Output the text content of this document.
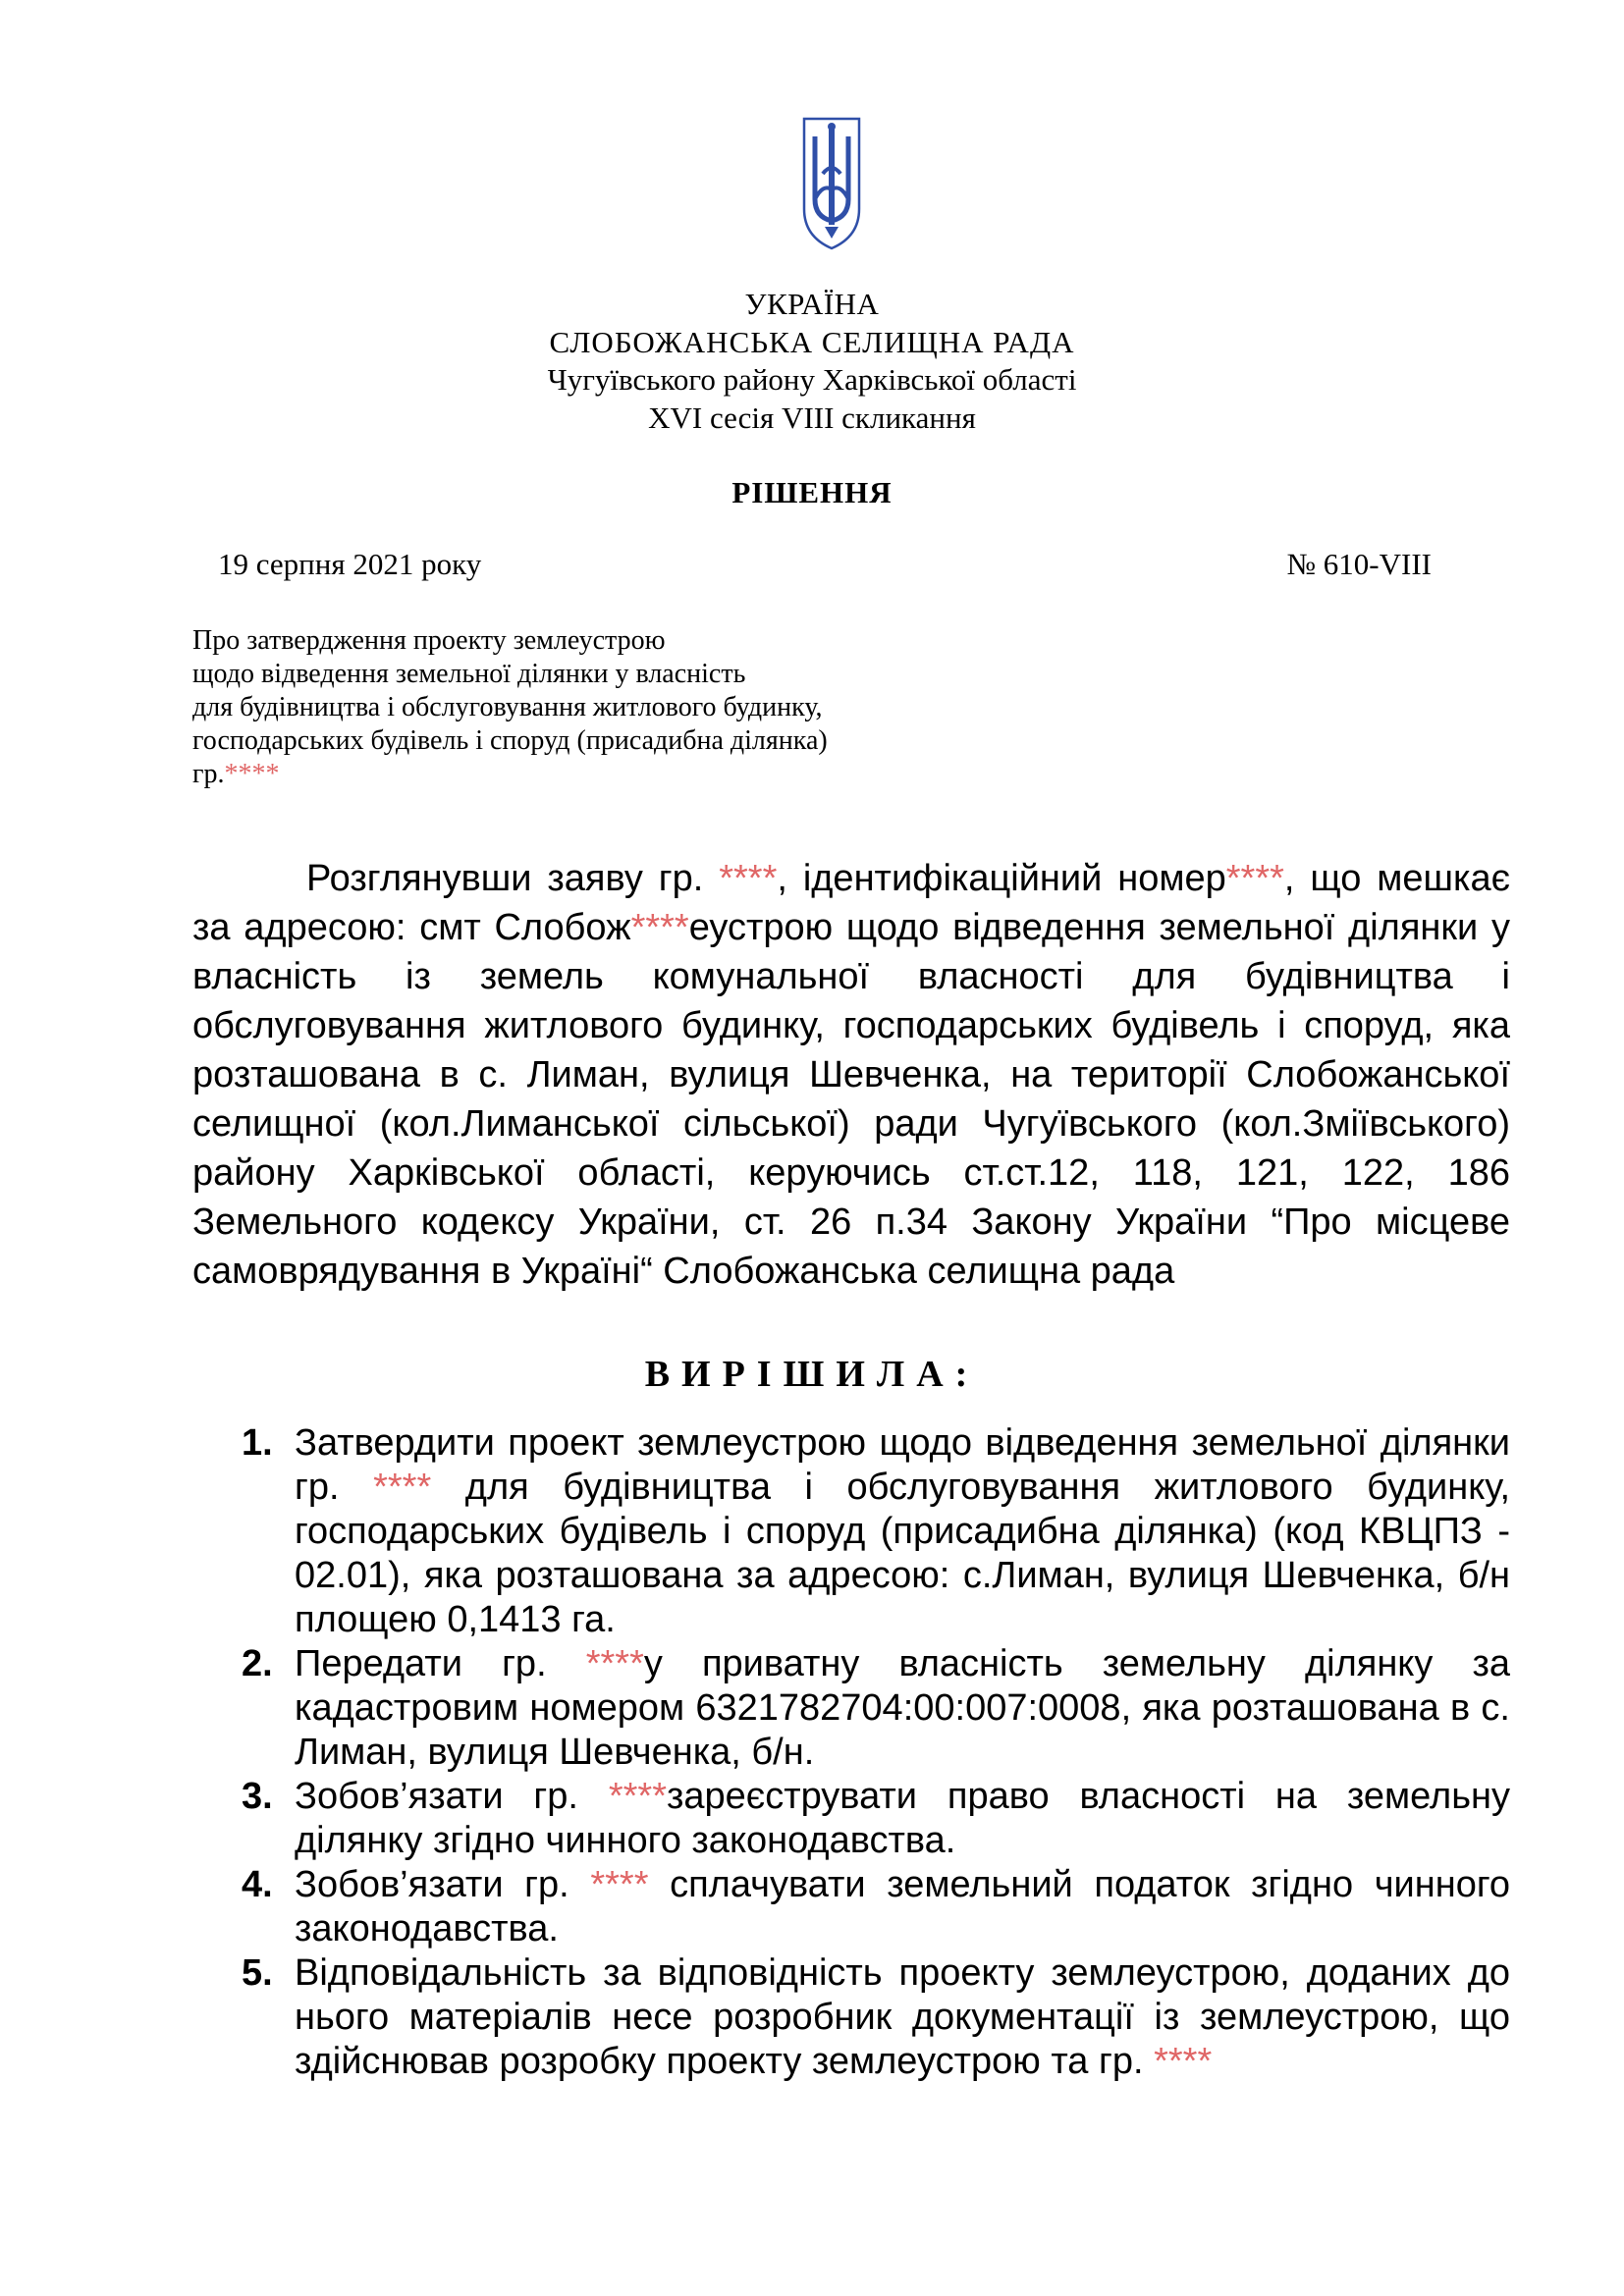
УКРАЇНА
СЛОБОЖАНСЬКА СЕЛИЩНА РАДА
Чугуївського району Харківської області
XVI сесія VIII скликання
РІШЕННЯ
19 серпня 2021 року	№ 610-VIII
Про затвердження проекту землеустрою
щодо відведення земельної ділянки у власність
для будівництва і обслуговування житлового будинку,
господарських будівель і споруд (присадибна ділянка)
гр.****
Розглянувши заяву гр. ****, ідентифікаційний номер****, що мешкає за адресою: смт Слобож****еустрою щодо відведення земельної ділянки у власність із земель комунальної власності для будівництва і обслуговування житлового будинку, господарських будівель і споруд, яка розташована в с. Лиман, вулиця Шевченка, на території Слобожанської селищної (кол.Лиманської сільської) ради Чугуївського (кол.Зміївського) району Харківської області, керуючись ст.ст.12, 118, 121, 122, 186 Земельного кодексу України, ст. 26 п.34 Закону України “Про місцеве самоврядування в Україні“ Слобожанська селищна рада
ВИРІШИЛА:
1. Затвердити проект землеустрою щодо відведення земельної ділянки гр. **** для будівництва і обслуговування житлового будинку, господарських будівель і споруд (присадибна ділянка) (код КВЦПЗ - 02.01), яка розташована за адресою: с.Лиман, вулиця Шевченка, б/н площею 0,1413 га.
2. Передати гр. ****у приватну власність земельну ділянку за кадастровим номером 6321782704:00:007:0008, яка розташована в с. Лиман, вулиця Шевченка, б/н.
3. Зобов’язати гр. ****зареєструвати право власності на земельну ділянку згідно чинного законодавства.
4. Зобов’язати гр. **** сплачувати земельний податок згідно чинного законодавства.
5. Відповідальність за відповідність проекту землеустрою, доданих до нього матеріалів несе розробник документації із землеустрою, що здійснював розробку проекту землеустрою та гр. ****
